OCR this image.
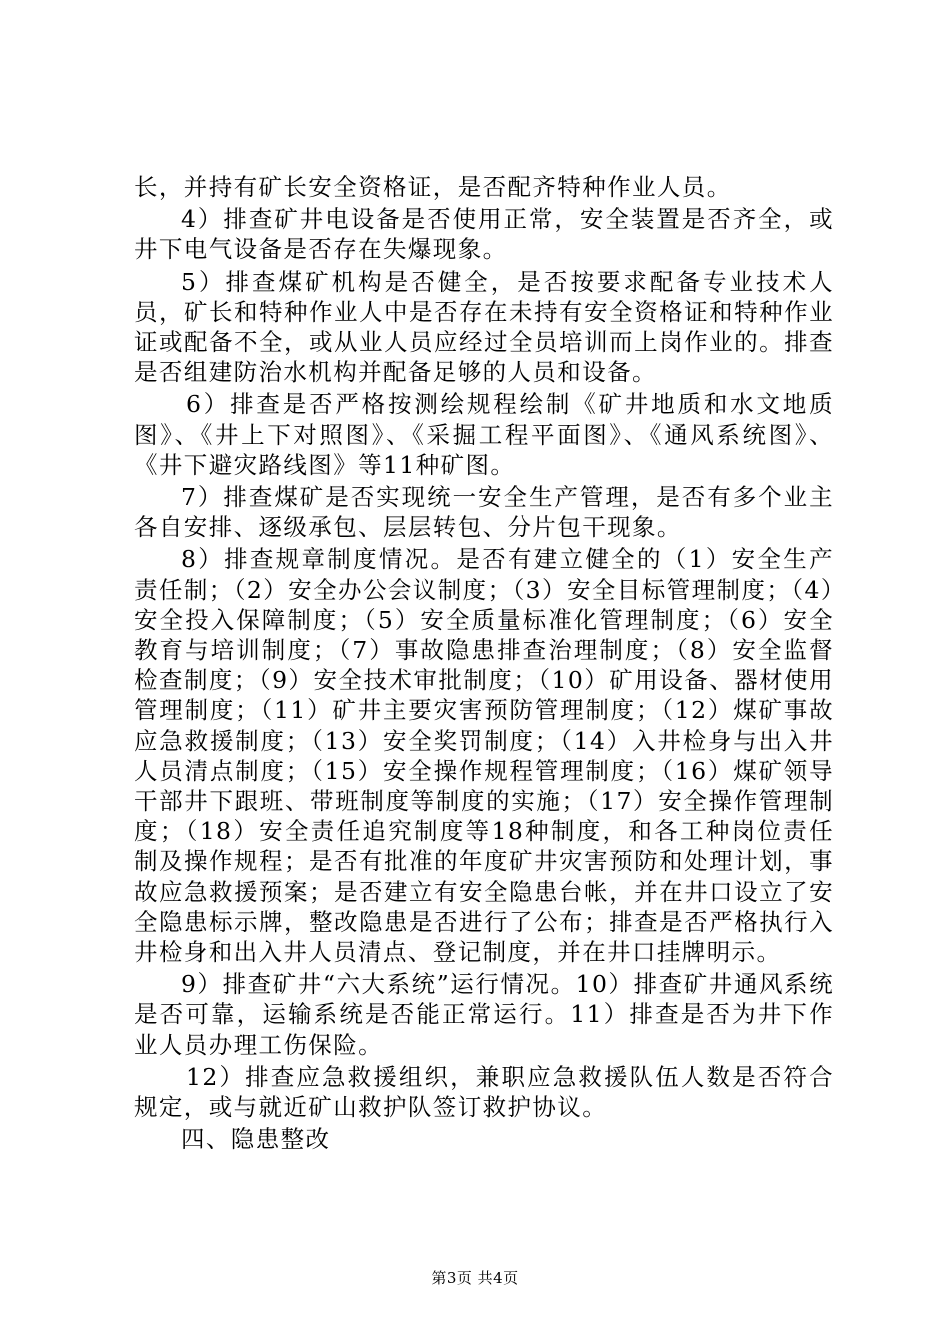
长，并持有矿长安全资格证，是否配齐特种作业人员。

4）排查矿井电设备是否使用正常，安全装置是否齐全，或井下电气设备是否存在失爆现象。

5）排查煤矿机构是否健全，是否按要求配备专业技术人员，矿长和特种作业人中是否存在未持有安全资格证和特种作业证或配备不全，或从业人员应经过全员培训而上岗作业的。排查是否组建防治水机构并配备足够的人员和设备。

6）排查是否严格按测绘规程绘制《矿井地质和水文地质图》、《井上下对照图》、《采掘工程平面图》、《通风系统图》、《井下避灾路线图》等11种矿图。

7）排查煤矿是否实现统一安全生产管理，是否有多个业主各自安排、逐级承包、层层转包、分片包干现象。

8）排查规章制度情况。是否有建立健全的（1）安全生产责任制；（2）安全办公会议制度；（3）安全目标管理制度；（4）安全投入保障制度；（5）安全质量标准化管理制度；（6）安全教育与培训制度；（7）事故隐患排查治理制度；（8）安全监督检查制度；（9）安全技术审批制度；（10）矿用设备、器材使用管理制度；（11）矿井主要灾害预防管理制度；（12）煤矿事故应急救援制度；（13）安全奖罚制度；（14）入井检身与出入井人员清点制度；（15）安全操作规程管理制度；（16）煤矿领导干部井下跟班、带班制度等制度的实施；（17）安全操作管理制度；（18）安全责任追究制度等18种制度，和各工种岗位责任制及操作规程；是否有批准的年度矿井灾害预防和处理计划，事故应急救援预案；是否建立有安全隐患台帐，并在井口设立了安全隐患标示牌，整改隐患是否进行了公布；排查是否严格执行入井检身和出入井人员清点、登记制度，并在井口挂牌明示。

9）排查矿井“六大系统”运行情况。10）排查矿井通风系统是否可靠，运输系统是否能正常运行。11）排查是否为井下作业人员办理工伤保险。

12）排查应急救援组织，兼职应急救援队伍人数是否符合规定，或与就近矿山救护队签订救护协议。

四、隐患整改

第3页 共4页
